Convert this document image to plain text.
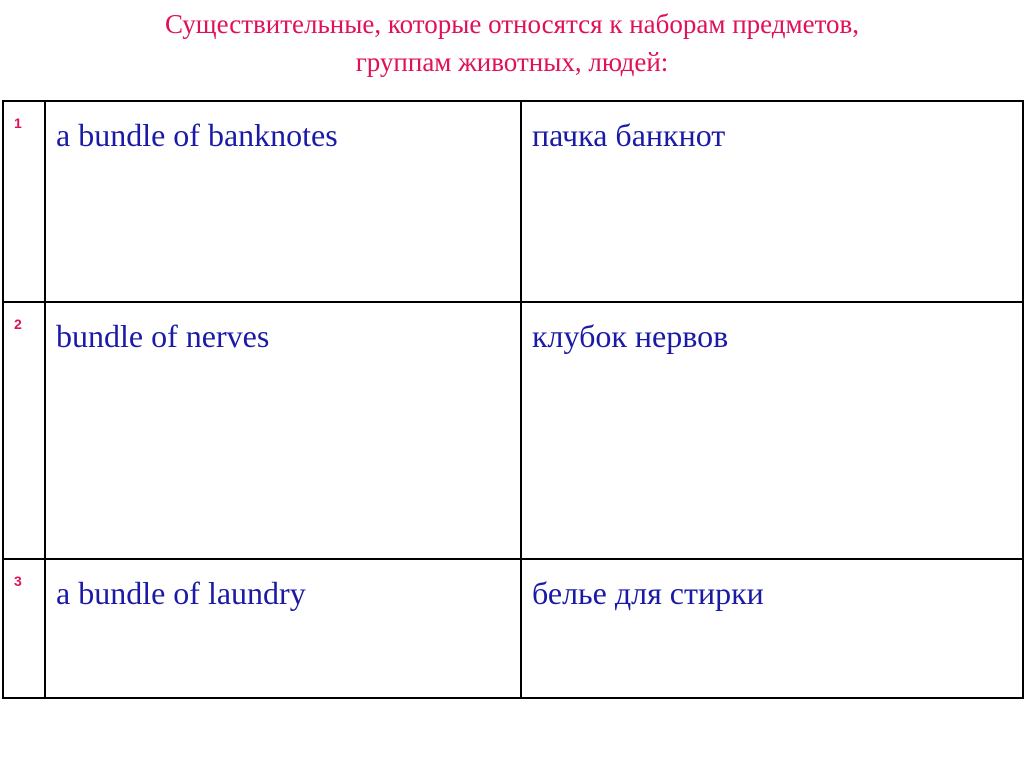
Существительные, которые относятся к наборам предметов,
группам животных, людей:
1	a bundle of banknotes	пачка банкнот

2	bundle of nerves	клубок нервов

3	a bundle of laundry	белье для стирки
